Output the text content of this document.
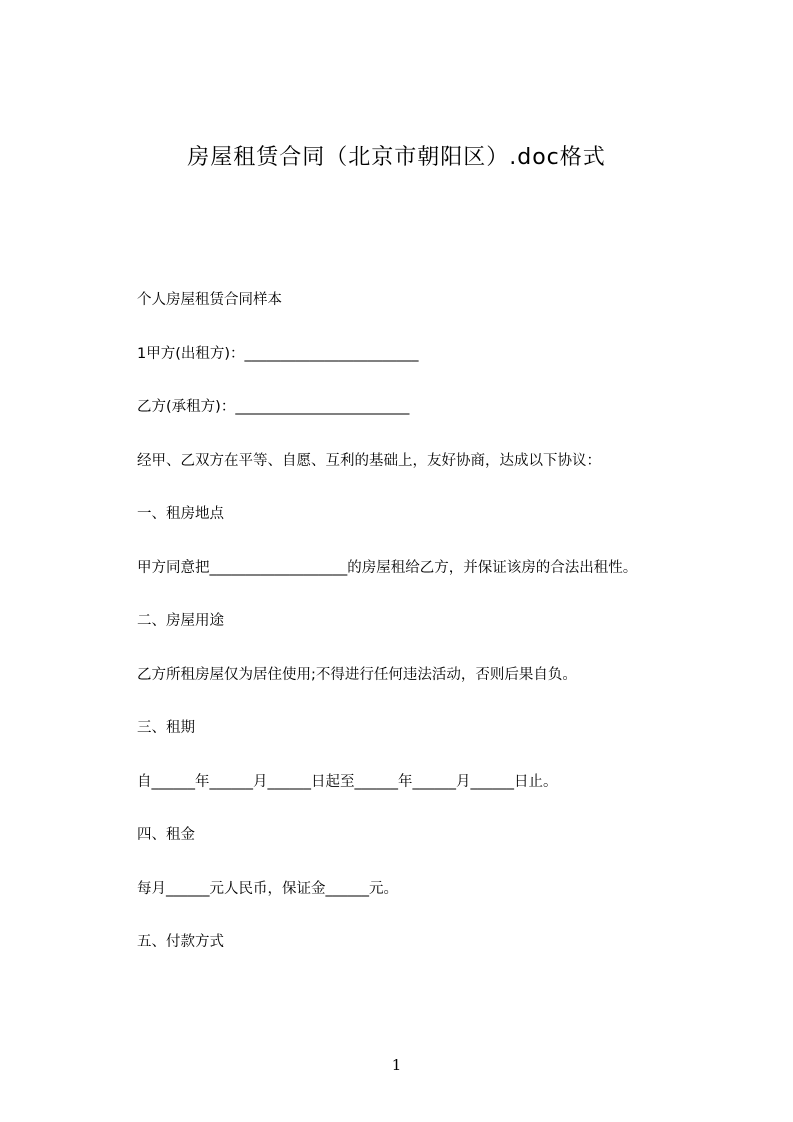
房屋租赁合同（北京市朝阳区）.doc格式
个人房屋租赁合同样本
1甲方(出租方)：________________________
乙方(承租方)：________________________
经甲、乙双方在平等、自愿、互利的基础上，友好协商，达成以下协议：
一、租房地点
甲方同意把___________________的房屋租给乙方，并保证该房的合法出租性。
二、房屋用途
乙方所租房屋仅为居住使用;不得进行任何违法活动，否则后果自负。
三、租期
自______年______月______日起至______年______月______日止。
四、租金
每月______元人民币，保证金______元。
五、付款方式
1
